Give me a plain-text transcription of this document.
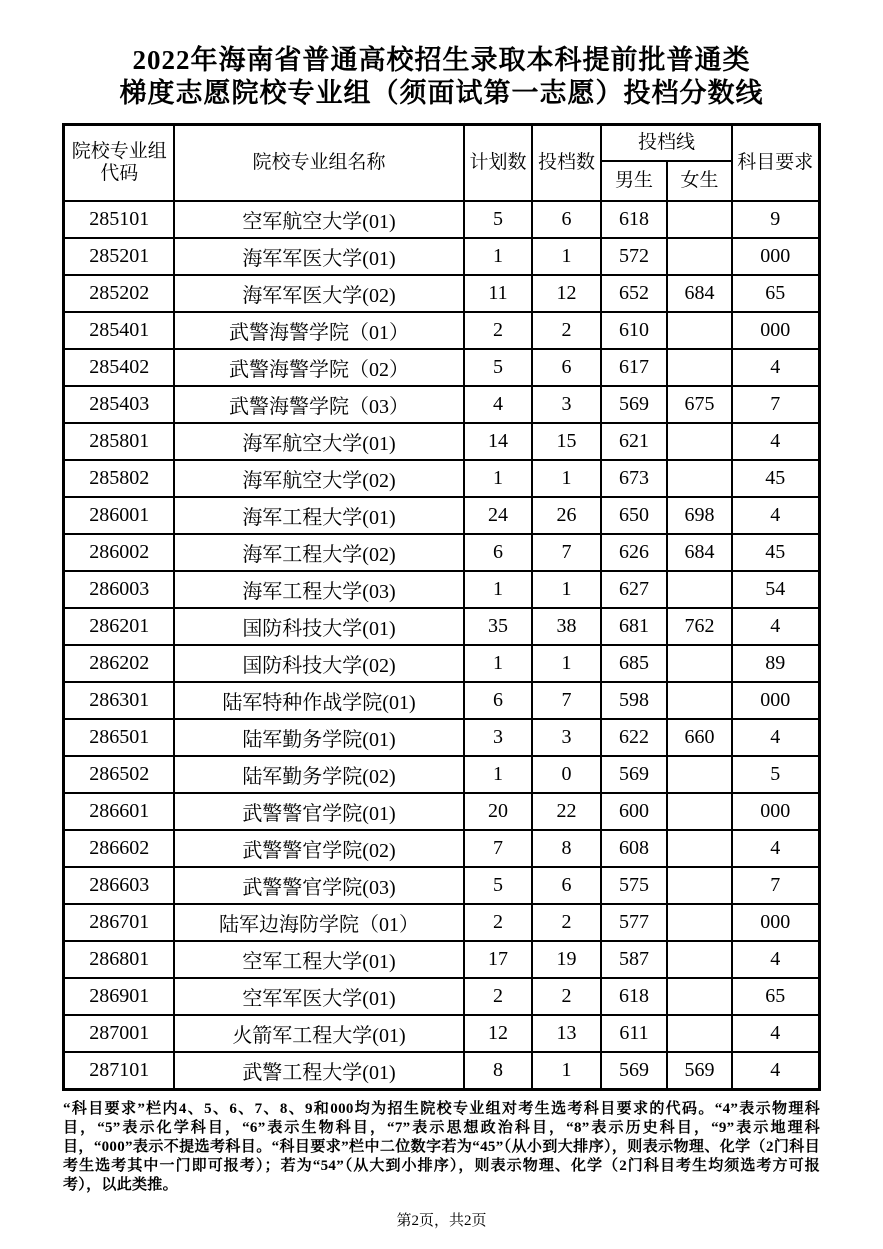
2022年海南省普通高校招生录取本科提前批普通类
梯度志愿院校专业组（须面试第一志愿）投档分数线
院校专业组
代码	院校专业组名称	计划数	投档数	投档线		科目要求
				男生	女生	
285101	空军航空大学(01)	5	6	618		9
285201	海军军医大学(01)	1	1	572		000
285202	海军军医大学(02)	11	12	652	684	65
285401	武警海警学院（01）	2	2	610		000
285402	武警海警学院（02）	5	6	617		4
285403	武警海警学院（03）	4	3	569	675	7
285801	海军航空大学(01)	14	15	621		4
285802	海军航空大学(02)	1	1	673		45
286001	海军工程大学(01)	24	26	650	698	4
286002	海军工程大学(02)	6	7	626	684	45
286003	海军工程大学(03)	1	1	627		54
286201	国防科技大学(01)	35	38	681	762	4
286202	国防科技大学(02)	1	1	685		89
286301	陆军特种作战学院(01)	6	7	598		000
286501	陆军勤务学院(01)	3	3	622	660	4
286502	陆军勤务学院(02)	1	0	569		5
286601	武警警官学院(01)	20	22	600		000
286602	武警警官学院(02)	7	8	608		4
286603	武警警官学院(03)	5	6	575		7
286701	陆军边海防学院（01）	2	2	577		000
286801	空军工程大学(01)	17	19	587		4
286901	空军军医大学(01)	2	2	618		65
287001	火箭军工程大学(01)	12	13	611		4
287101	武警工程大学(01)	8	1	569	569	4

“科目要求”栏内4、5、6、7、8、9和000均为招生院校专业组对考生选考科目要求的代码。“4”表示物理科目，“5”表示化学科目，“6”表示生物科目，“7”表示思想政治科目，“8”表示历史科目，“9”表示地理科目，“000”表示不提选考科目。“科目要求”栏中二位数字若为“45”（从小到大排序），则表示物理、化学（2门科目考生选考其中一门即可报考）；若为“54”（从大到小排序），则表示物理、化学（2门科目考生均须选考方可报考），以此类推。

第2页，共2页
